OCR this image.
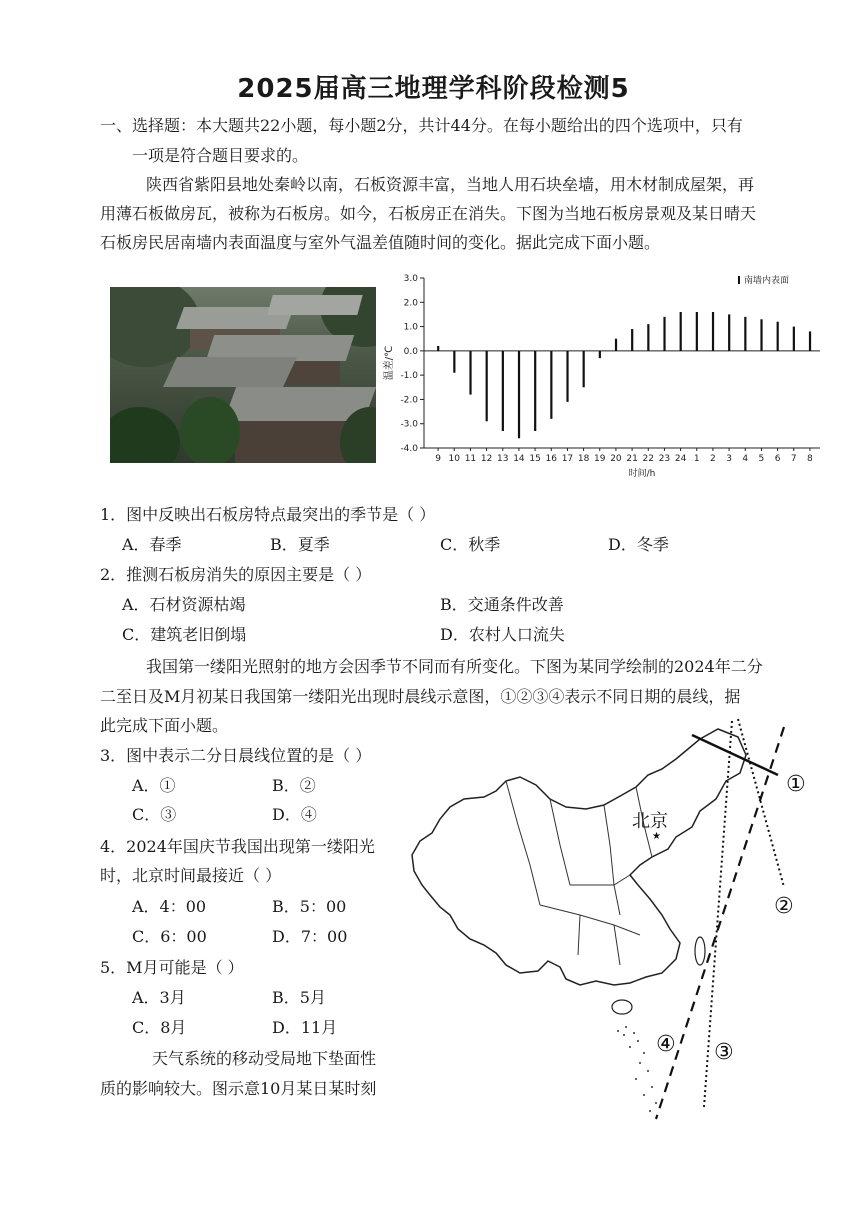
2025届高三地理学科阶段检测5
一、选择题：本大题共22小题，每小题2分，共计44分。在每小题给出的四个选项中，只有
一项是符合题目要求的。
陕西省紫阳县地处秦岭以南，石板资源丰富，当地人用石块垒墙，用木材制成屋架，再
用薄石板做房瓦，被称为石板房。如今，石板房正在消失。下图为当地石板房景观及某日晴天
石板房民居南墙内表面温度与室外气温差值随时间的变化。据此完成下面小题。
3.0
2.0
1.0
0.0
-1.0
-2.0
-3.0
-4.0
温差/℃
9 10 11 12 13 14 15 16 17 18 19 20 21 22 23 24 1 2 3 4 5 6 7 8
时间/h
南墙内表面
1．图中反映出石板房特点最突出的季节是（ ）
A．春季	B．夏季	C．秋季	D．冬季
2．推测石板房消失的原因主要是（ ）
A．石材资源枯竭	B．交通条件改善
C．建筑老旧倒塌	D．农村人口流失
我国第一缕阳光照射的地方会因季节不同而有所变化。下图为某同学绘制的2024年二分
二至日及M月初某日我国第一缕阳光出现时晨线示意图，①②③④表示不同日期的晨线，据
此完成下面小题。
3．图中表示二分日晨线位置的是（ ）
A．①	B．②
C．③	D．④
4．2024年国庆节我国出现第一缕阳光
时，北京时间最接近（ ）
A．4：00	B．5：00
C．6：00	D．7：00
5．M月可能是（ ）
A．3月	B．5月
C．8月	D．11月
天气系统的移动受局地下垫面性
质的影响较大。图示意10月某日某时刻
★
北京
①
②
③
④
